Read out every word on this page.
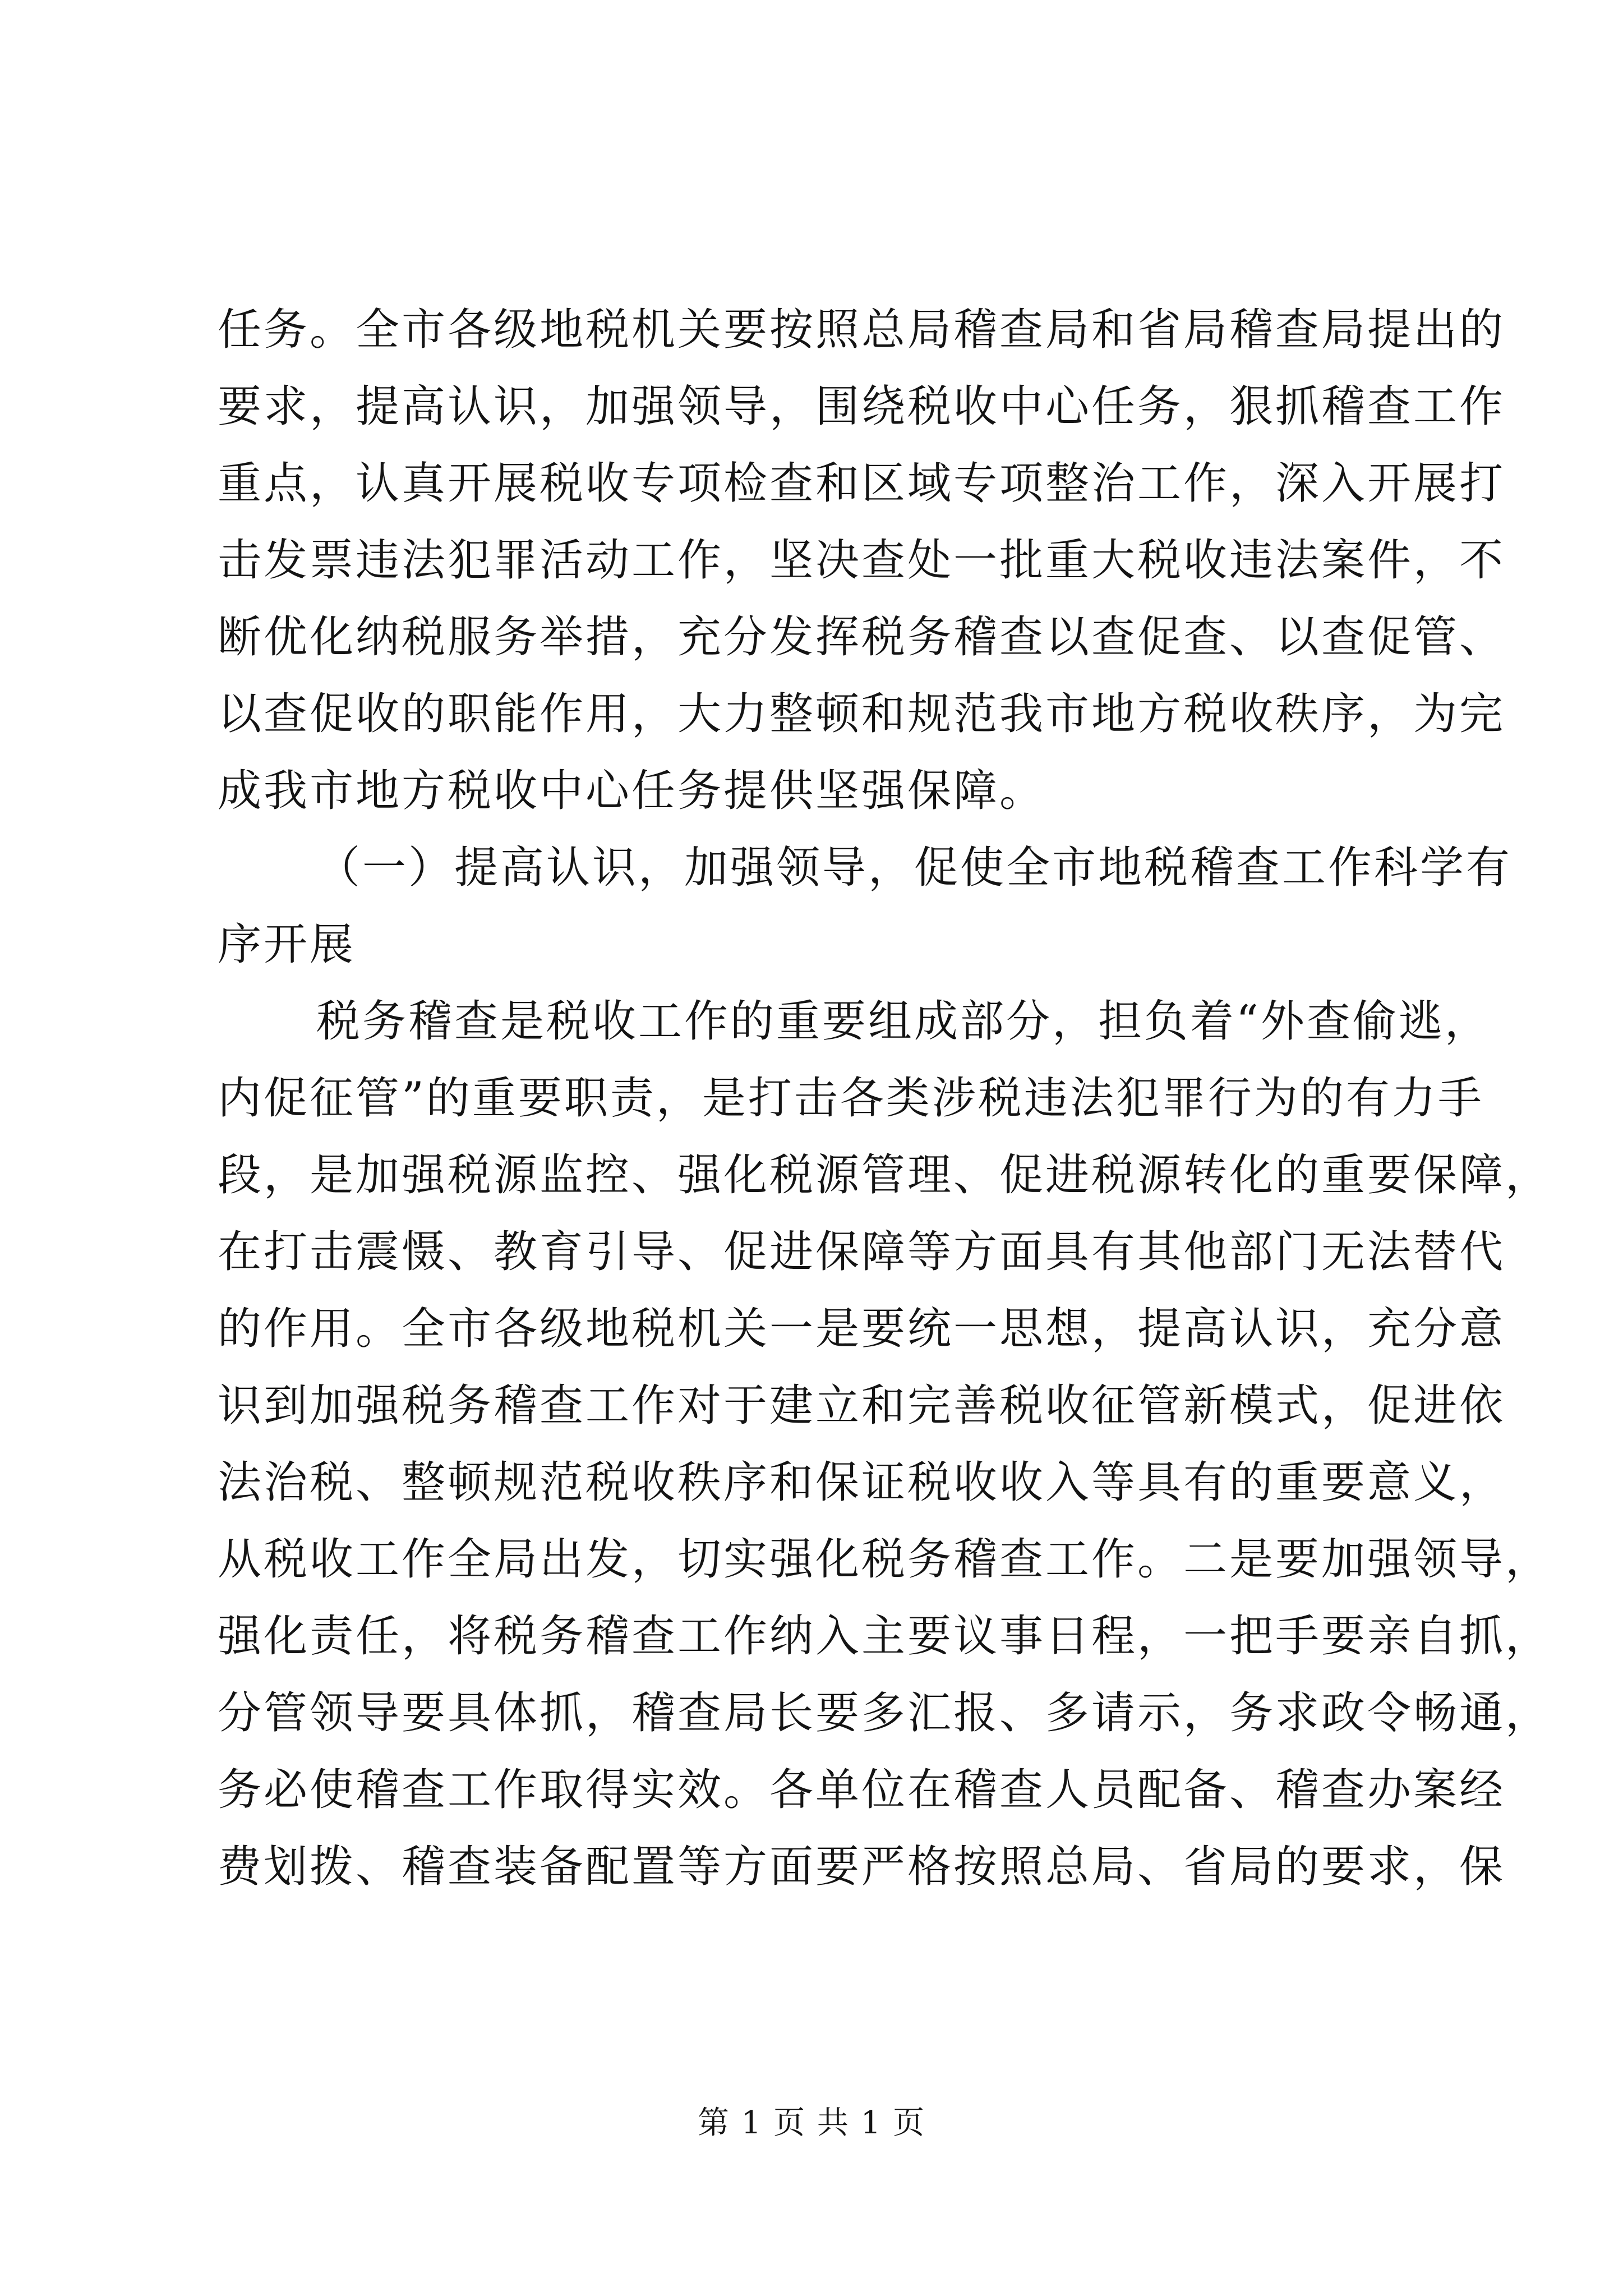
任务。全市各级地税机关要按照总局稽查局和省局稽查局提出的
要求，提高认识，加强领导，围绕税收中心任务，狠抓稽查工作
重点，认真开展税收专项检查和区域专项整治工作，深入开展打
击发票违法犯罪活动工作，坚决查处一批重大税收违法案件，不
断优化纳税服务举措，充分发挥税务稽查以查促查、以查促管、
以查促收的职能作用，大力整顿和规范我市地方税收秩序，为完
成我市地方税收中心任务提供坚强保障。
（一）提高认识，加强领导，促使全市地税稽查工作科学有
序开展
税务稽查是税收工作的重要组成部分，担负着“外查偷逃，
内促征管”的重要职责，是打击各类涉税违法犯罪行为的有力手
段，是加强税源监控、强化税源管理、促进税源转化的重要保障，
在打击震慑、教育引导、促进保障等方面具有其他部门无法替代
的作用。全市各级地税机关一是要统一思想，提高认识，充分意
识到加强税务稽查工作对于建立和完善税收征管新模式，促进依
法治税、整顿规范税收秩序和保证税收收入等具有的重要意义，
从税收工作全局出发，切实强化税务稽查工作。二是要加强领导，
强化责任，将税务稽查工作纳入主要议事日程，一把手要亲自抓，
分管领导要具体抓，稽查局长要多汇报、多请示，务求政令畅通，
务必使稽查工作取得实效。各单位在稽查人员配备、稽查办案经
费划拨、稽查装备配置等方面要严格按照总局、省局的要求，保
第 1 页 共 1 页
